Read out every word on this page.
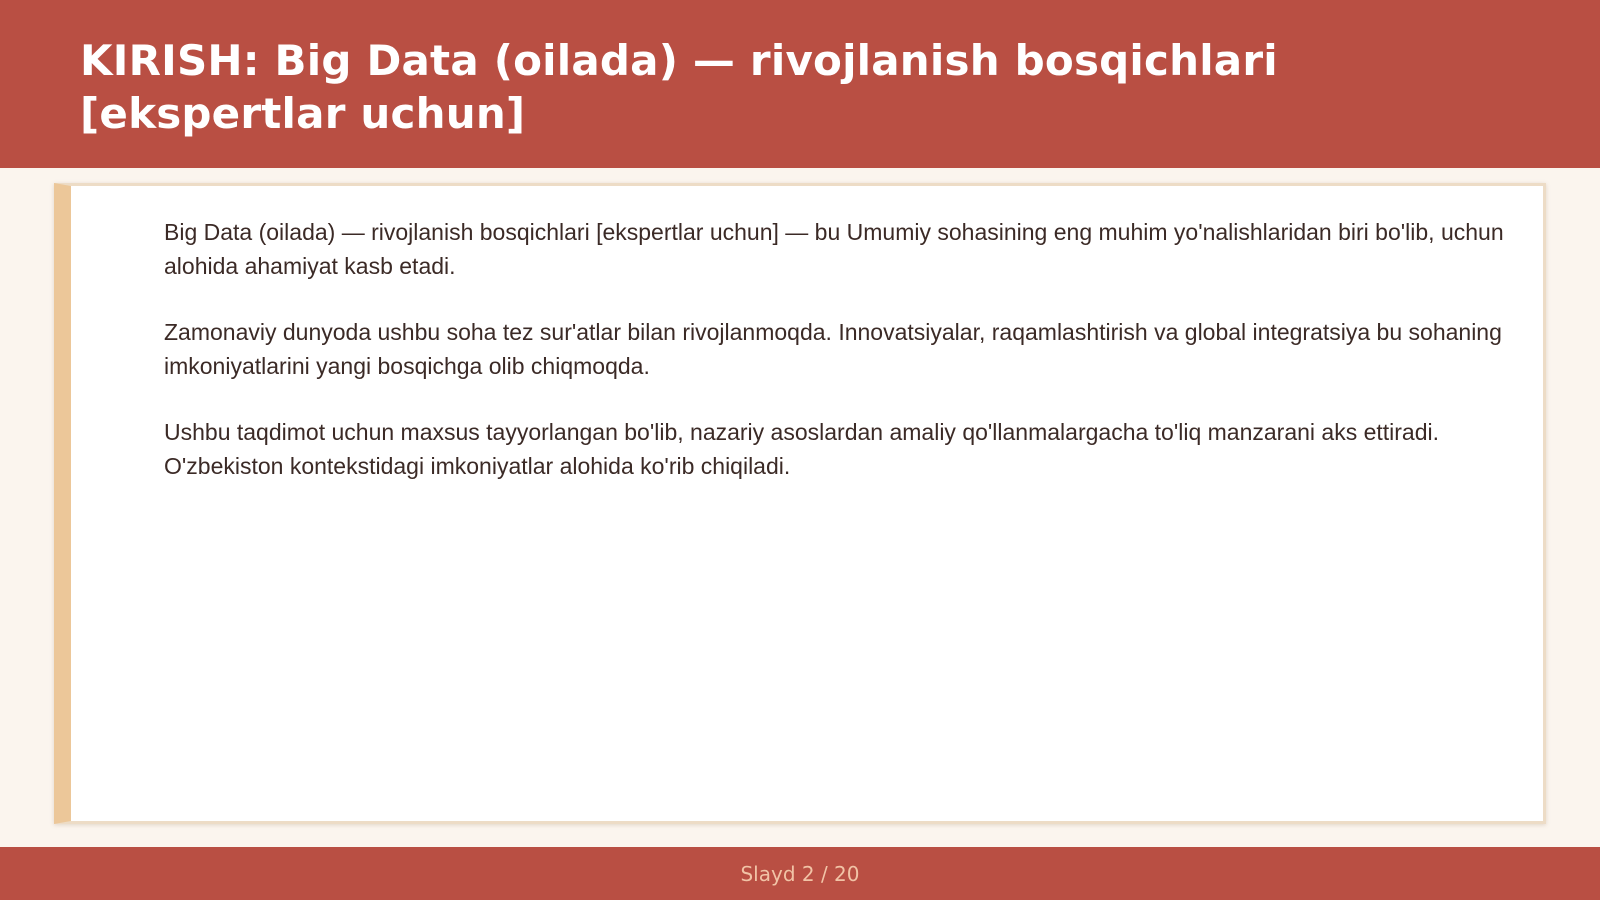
KIRISH: Big Data (oilada) — rivojlanish bosqichlari [ekspertlar uchun]

Big Data (oilada) — rivojlanish bosqichlari [ekspertlar uchun] — bu Umumiy sohasining eng muhim yo'nalishlaridan biri bo'lib, uchun alohida ahamiyat kasb etadi.

Zamonaviy dunyoda ushbu soha tez sur'atlar bilan rivojlanmoqda. Innovatsiyalar, raqamlashtirish va global integratsiya bu sohaning imkoniyatlarini yangi bosqichga olib chiqmoqda.

Ushbu taqdimot uchun maxsus tayyorlangan bo'lib, nazariy asoslardan amaliy qo'llanmalargacha to'liq manzarani aks ettiradi. O'zbekiston kontekstidagi imkoniyatlar alohida ko'rib chiqiladi.

Slayd 2 / 20
